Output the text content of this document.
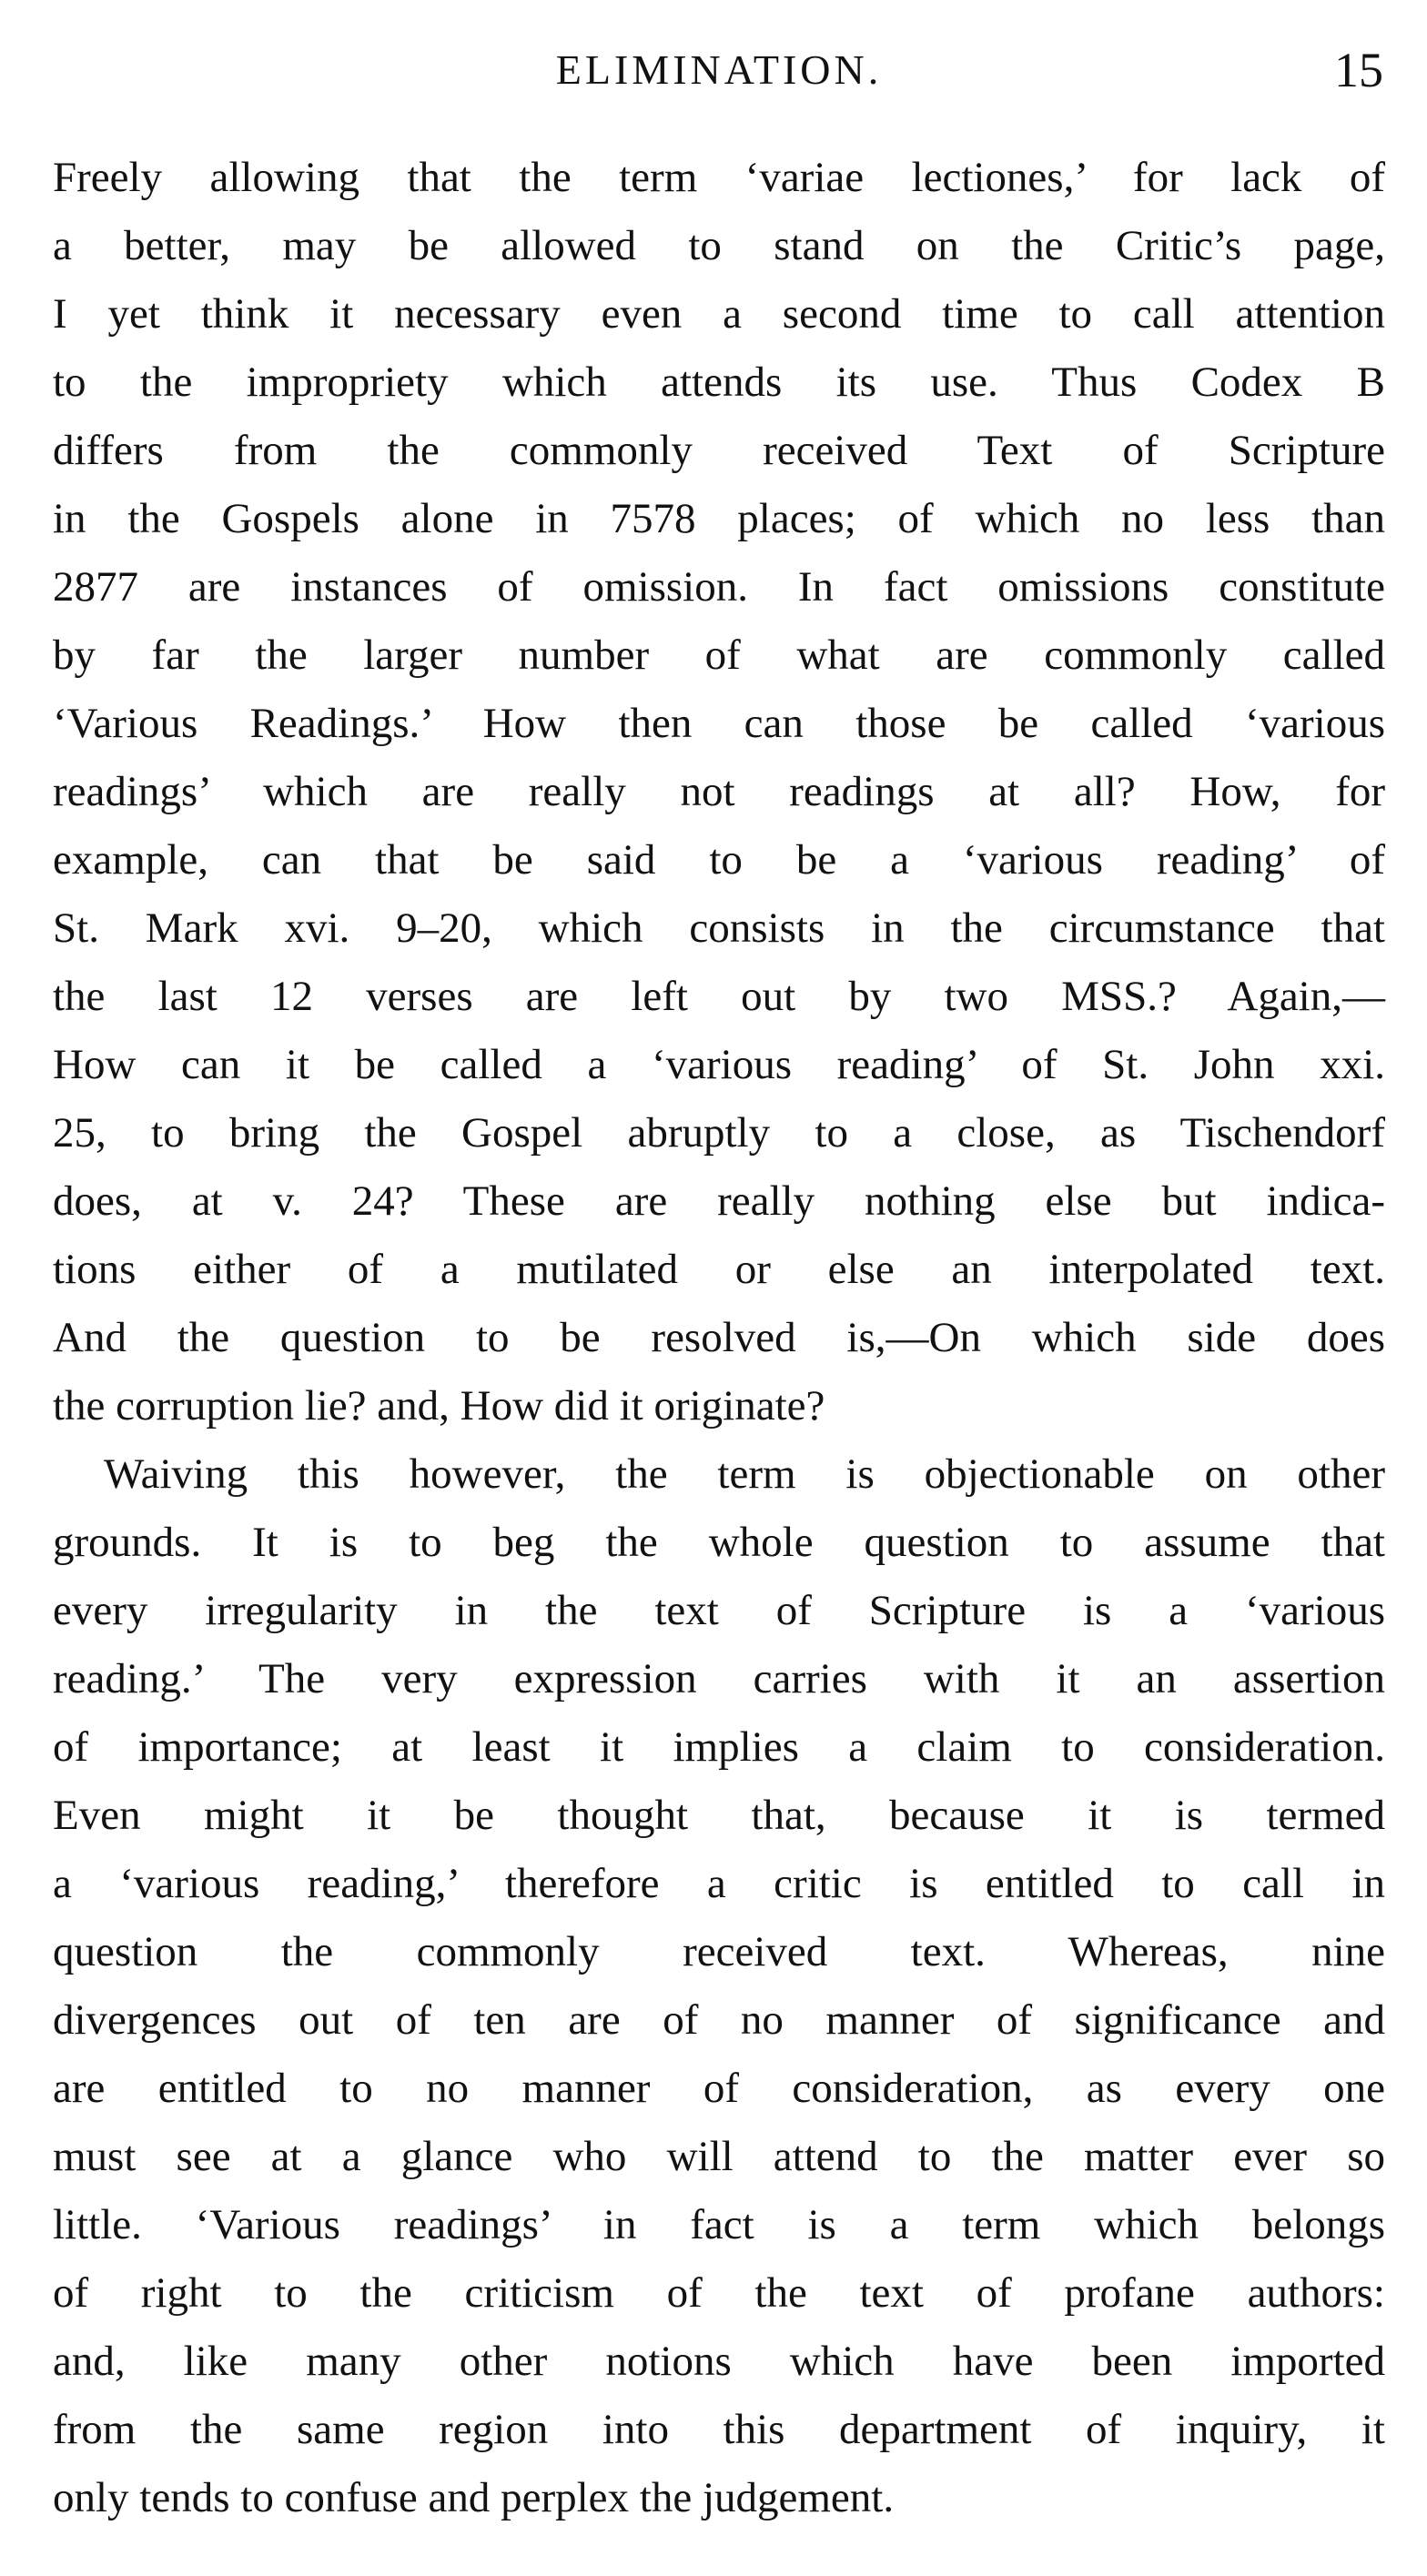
ELIMINATION.	15
Freely allowing that the term ‘variae lectiones,’ for lack of
a better, may be allowed to stand on the Critic’s page,
I yet think it necessary even a second time to call attention
to the impropriety which attends its use. Thus Codex B
differs from the commonly received Text of Scripture
in the Gospels alone in 7578 places; of which no less than
2877 are instances of omission. In fact omissions constitute
by far the larger number of what are commonly called
‘Various Readings.’ How then can those be called ‘various
readings’ which are really not readings at all? How, for
example, can that be said to be a ‘various reading’ of
St. Mark xvi. 9–20, which consists in the circumstance that
the last 12 verses are left out by two MSS.? Again,—
How can it be called a ‘various reading’ of St. John xxi.
25, to bring the Gospel abruptly to a close, as Tischendorf
does, at v. 24? These are really nothing else but indica-
tions either of a mutilated or else an interpolated text.
And the question to be resolved is,—On which side does
the corruption lie? and, How did it originate?
Waiving this however, the term is objectionable on other
grounds. It is to beg the whole question to assume that
every irregularity in the text of Scripture is a ‘various
reading.’ The very expression carries with it an assertion
of importance; at least it implies a claim to consideration.
Even might it be thought that, because it is termed
a ‘various reading,’ therefore a critic is entitled to call in
question the commonly received text. Whereas, nine
divergences out of ten are of no manner of significance and
are entitled to no manner of consideration, as every one
must see at a glance who will attend to the matter ever so
little. ‘Various readings’ in fact is a term which belongs
of right to the criticism of the text of profane authors:
and, like many other notions which have been imported
from the same region into this department of inquiry, it
only tends to confuse and perplex the judgement.
